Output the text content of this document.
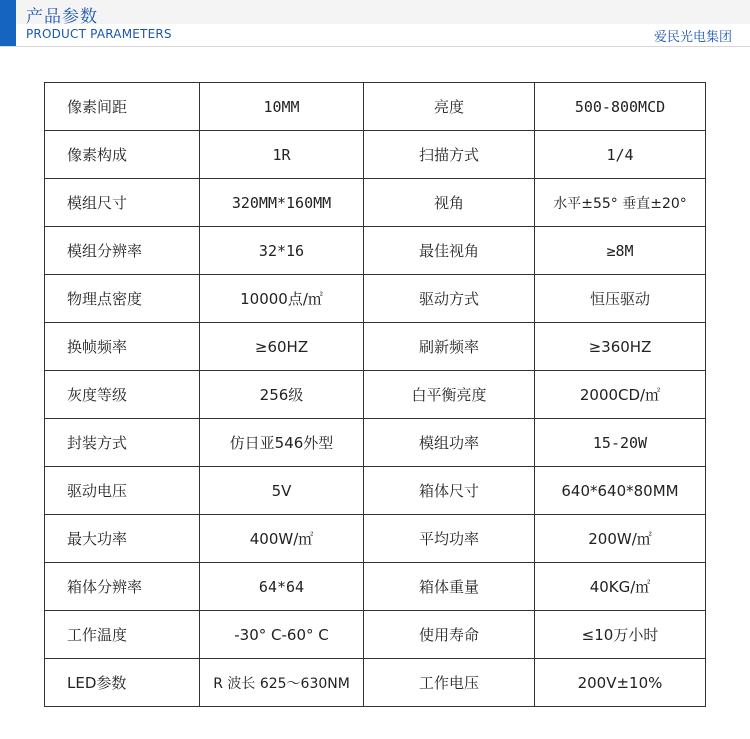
产品参数
PRODUCT PARAMETERS	爱民光电集团
像素间距	10MM	亮度	500-800MCD
像素构成	1R	扫描方式	1/4
模组尺寸	320MM*160MM	视角	水平±55° 垂直±20°
模组分辨率	32*16	最佳视角	≥8M
物理点密度	10000点/㎡	驱动方式	恒压驱动
换帧频率	≥60HZ	刷新频率	≥360HZ
灰度等级	256级	白平衡亮度	2000CD/㎡
封装方式	仿日亚546外型	模组功率	15-20W
驱动电压	5V	箱体尺寸	640*640*80MM
最大功率	400W/㎡	平均功率	200W/㎡
箱体分辨率	64*64	箱体重量	40KG/㎡
工作温度	-30° C-60° C	使用寿命	≤10万小时
LED参数	R 波长 625～630NM	工作电压	200V±10%
